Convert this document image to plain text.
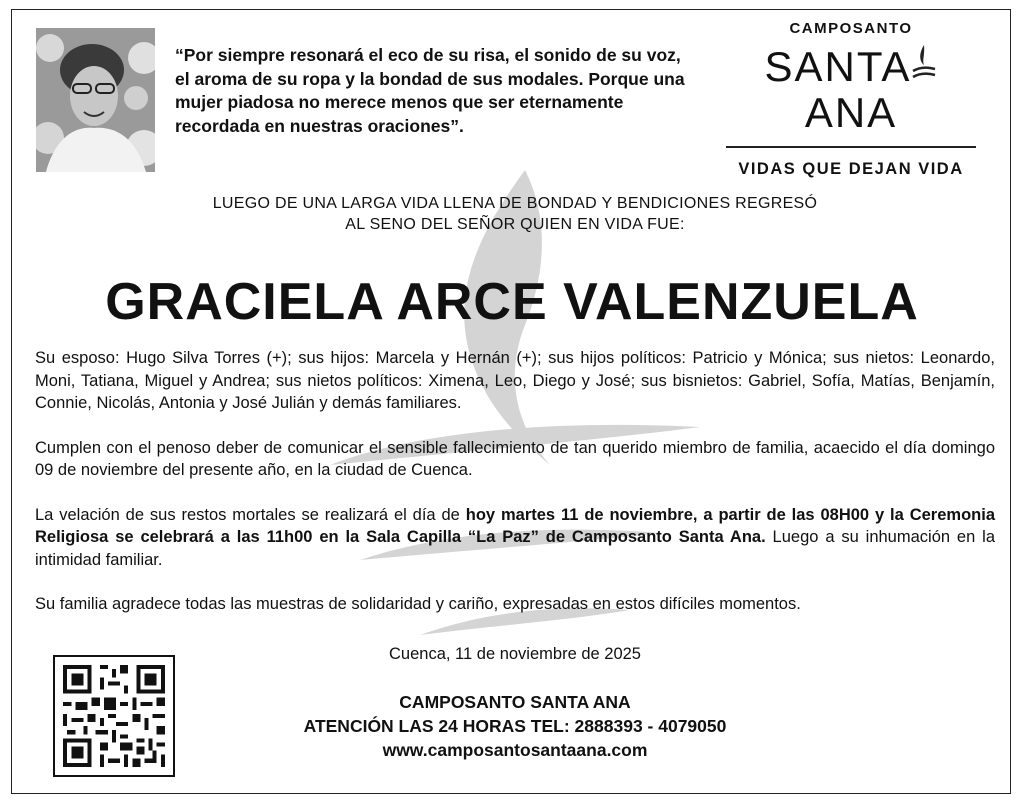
“Por siempre resonará el eco de su risa, el sonido de su voz, el aroma de su ropa y la bondad de sus modales. Porque una mujer piadosa no merece menos que ser eternamente recordada en nuestras oraciones”.
CAMPOSANTO
SANTAANA
VIDAS QUE DEJAN VIDA
LUEGO DE UNA LARGA VIDA LLENA DE BONDAD Y BENDICIONES REGRESÓ
AL SENO DEL SEÑOR QUIEN EN VIDA FUE:
GRACIELA ARCE VALENZUELA

Su esposo: Hugo Silva Torres (+); sus hijos: Marcela y Hernán (+); sus hijos políticos: Patricio y Mónica; sus nietos: Leonardo, Moni, Tatiana, Miguel y Andrea; sus nietos políticos: Ximena, Leo, Diego y José; sus bisnietos: Gabriel, Sofía, Matías, Benjamín, Connie, Nicolás, Antonia y José Julián y demás familiares.

Cumplen con el penoso deber de comunicar el sensible fallecimiento de tan querido miembro de familia, acaecido el día domingo 09 de noviembre del presente año, en la ciudad de Cuenca.

La velación de sus restos mortales se realizará el día de hoy martes 11 de noviembre, a partir de las 08H00 y la Ceremonia Religiosa se celebrará a las 11h00 en la Sala Capilla “La Paz” de Camposanto Santa Ana. Luego a su inhumación en la intimidad familiar.

Su familia agradece todas las muestras de solidaridad y cariño, expresadas en estos difíciles momentos.

Cuenca, 11 de noviembre de 2025
CAMPOSANTO SANTA ANA
ATENCIÓN LAS 24 HORAS TEL: 2888393 - 4079050
www.camposantosantaana.com
